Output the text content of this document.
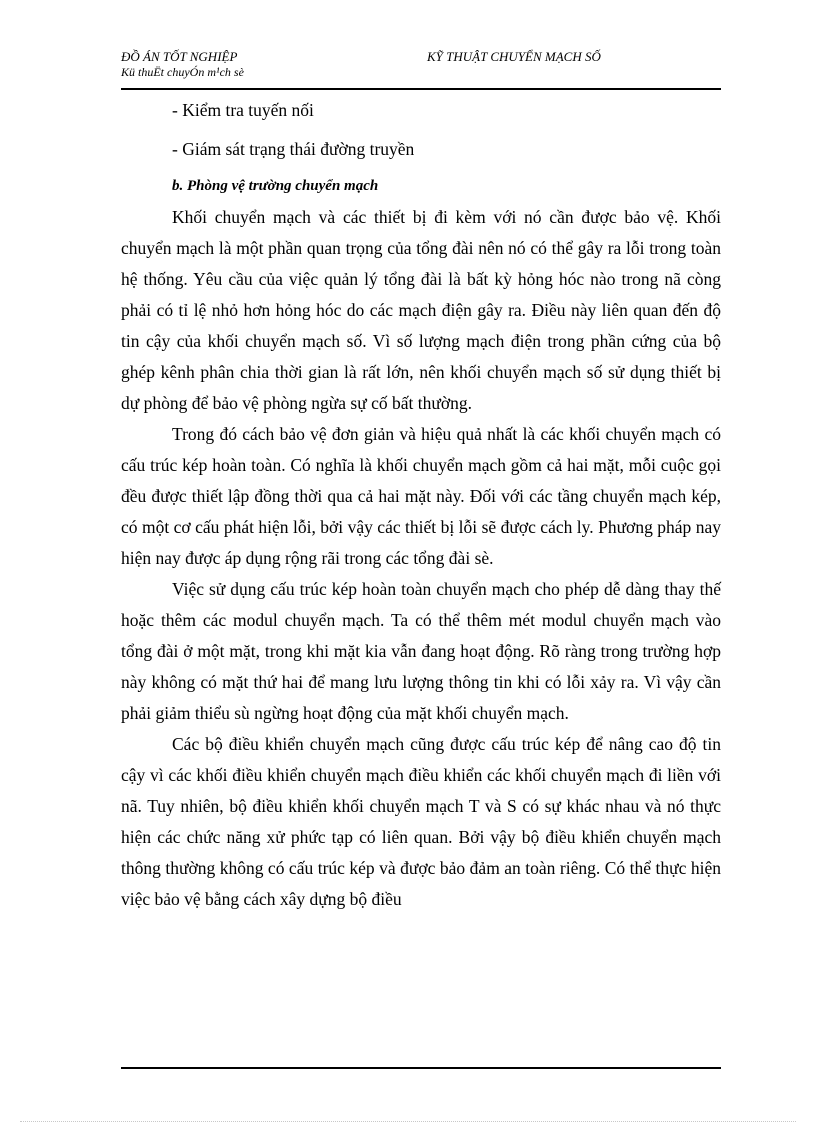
ĐỒ ÁN TỐT NGHIỆP
Kü thuËt chuyÓn m¹ch sè
KỸ THUẬT CHUYỂN MẠCH SỐ

- Kiểm tra tuyến nối

- Giám sát trạng thái đường truyền

b. Phòng vệ trường chuyển mạch

Khối chuyển mạch và các thiết bị đi kèm với nó cần được bảo vệ. Khối chuyển mạch là một phần quan trọng của tổng đài nên nó có thể gây ra lỗi trong toàn hệ thống. Yêu cầu của việc quản lý tổng đài là bất kỳ hỏng hóc nào trong nã còng phải có tỉ lệ nhỏ hơn hỏng hóc do các mạch điện gây ra. Điều này liên quan đến độ tin cậy của khối chuyển mạch số. Vì số lượng mạch điện trong phần cứng của bộ ghép kênh phân chia thời gian là rất lớn, nên khối chuyển mạch số sử dụng thiết bị dự phòng để bảo vệ phòng ngừa sự cố bất thường.

Trong đó cách bảo vệ đơn giản và hiệu quả nhất là các khối chuyển mạch có cấu trúc kép hoàn toàn. Có nghĩa là khối chuyển mạch gồm cả hai mặt, mỗi cuộc gọi đều được thiết lập đồng thời qua cả hai mặt này. Đối với các tầng chuyển mạch kép, có một cơ cấu phát hiện lỗi, bởi vậy các thiết bị lỗi sẽ được cách ly. Phương pháp nay hiện nay được áp dụng rộng rãi trong các tổng đài sè.

Việc sử dụng cấu trúc kép hoàn toàn chuyển mạch cho phép dễ dàng thay thế hoặc thêm các modul chuyển mạch. Ta có thể thêm mét modul chuyển mạch vào tổng đài ở một mặt, trong khi mặt kia vẫn đang hoạt động. Rõ ràng trong trường hợp này không có mặt thứ hai để mang lưu lượng thông tin khi có lỗi xảy ra. Vì vậy cần phải giảm thiểu sù ngừng hoạt động của mặt khối chuyển mạch.

Các bộ điều khiển chuyển mạch cũng được cấu trúc kép để nâng cao độ tin cậy vì các khối điều khiển chuyển mạch điều khiển các khối chuyển mạch đi liền với nã. Tuy nhiên, bộ điều khiển khối chuyển mạch T và S có sự khác nhau và nó thực hiện các chức năng xử phức tạp có liên quan. Bởi vậy bộ điều khiển chuyển mạch thông thường không có cấu trúc kép và được bảo đảm an toàn riêng. Có thể thực hiện việc bảo vệ bằng cách xây dựng bộ điều
